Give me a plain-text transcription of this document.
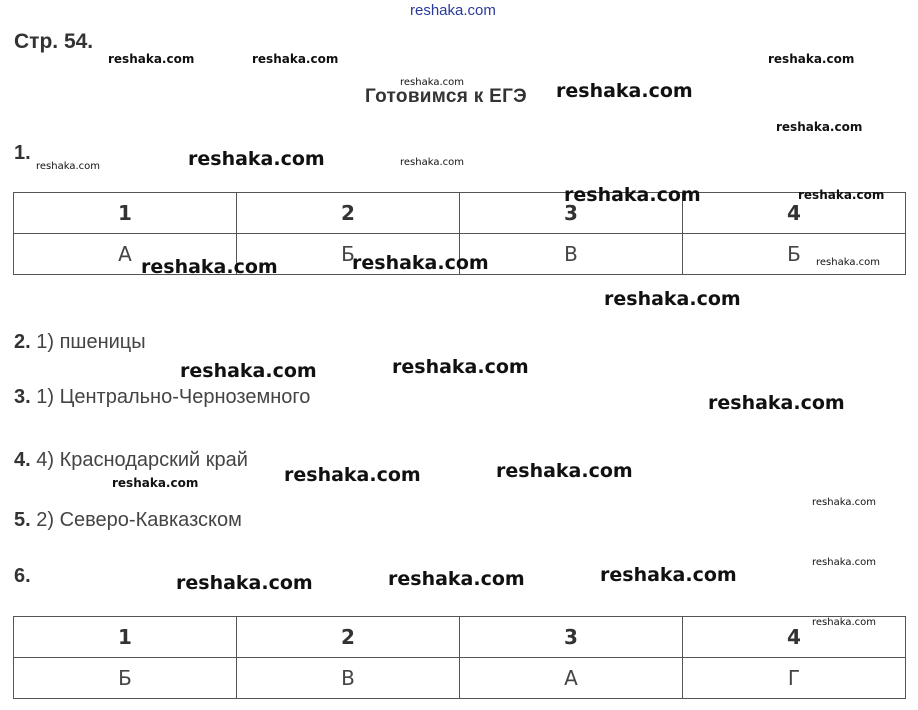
reshaka.com
Стр. 54.
Готовимся к ЕГЭ
1.
1	2	3	4
А	Б	В	Б
2. 1) пшеницы
3. 1) Центрально-Черноземного
4. 4) Краснодарский край
5. 2) Северо-Кавказском
6.
1	2	3	4
Б	В	А	Г
reshaka.com	reshaka.com	reshaka.com
reshaka.com	reshaka.com
reshaka.com
reshaka.com	reshaka.com
reshaka.com
reshaka.com	reshaka.com
reshaka.com
reshaka.com	reshaka.com
reshaka.com
reshaka.com	reshaka.com
reshaka.com
reshaka.com
reshaka.com
reshaka.com
reshaka.com
reshaka.com
reshaka.com
reshaka.com
reshaka.com
reshaka.com
